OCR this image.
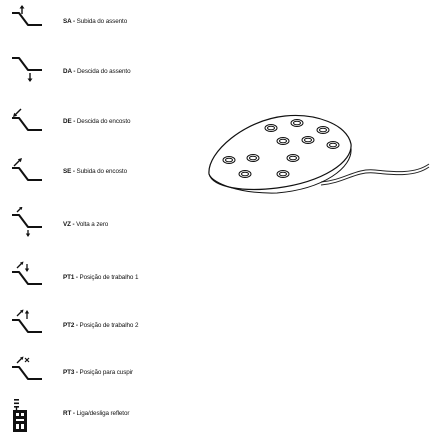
SA - Subida do assento
DA - Descida do assento
DE - Descida do encosto
SE - Subida do encosto
VZ - Volta a zero
PT1 - Posição de trabalho 1
PT2 - Posição de trabalho 2
PT3 - Posição para cuspir
RT - Liga/desliga refletor
